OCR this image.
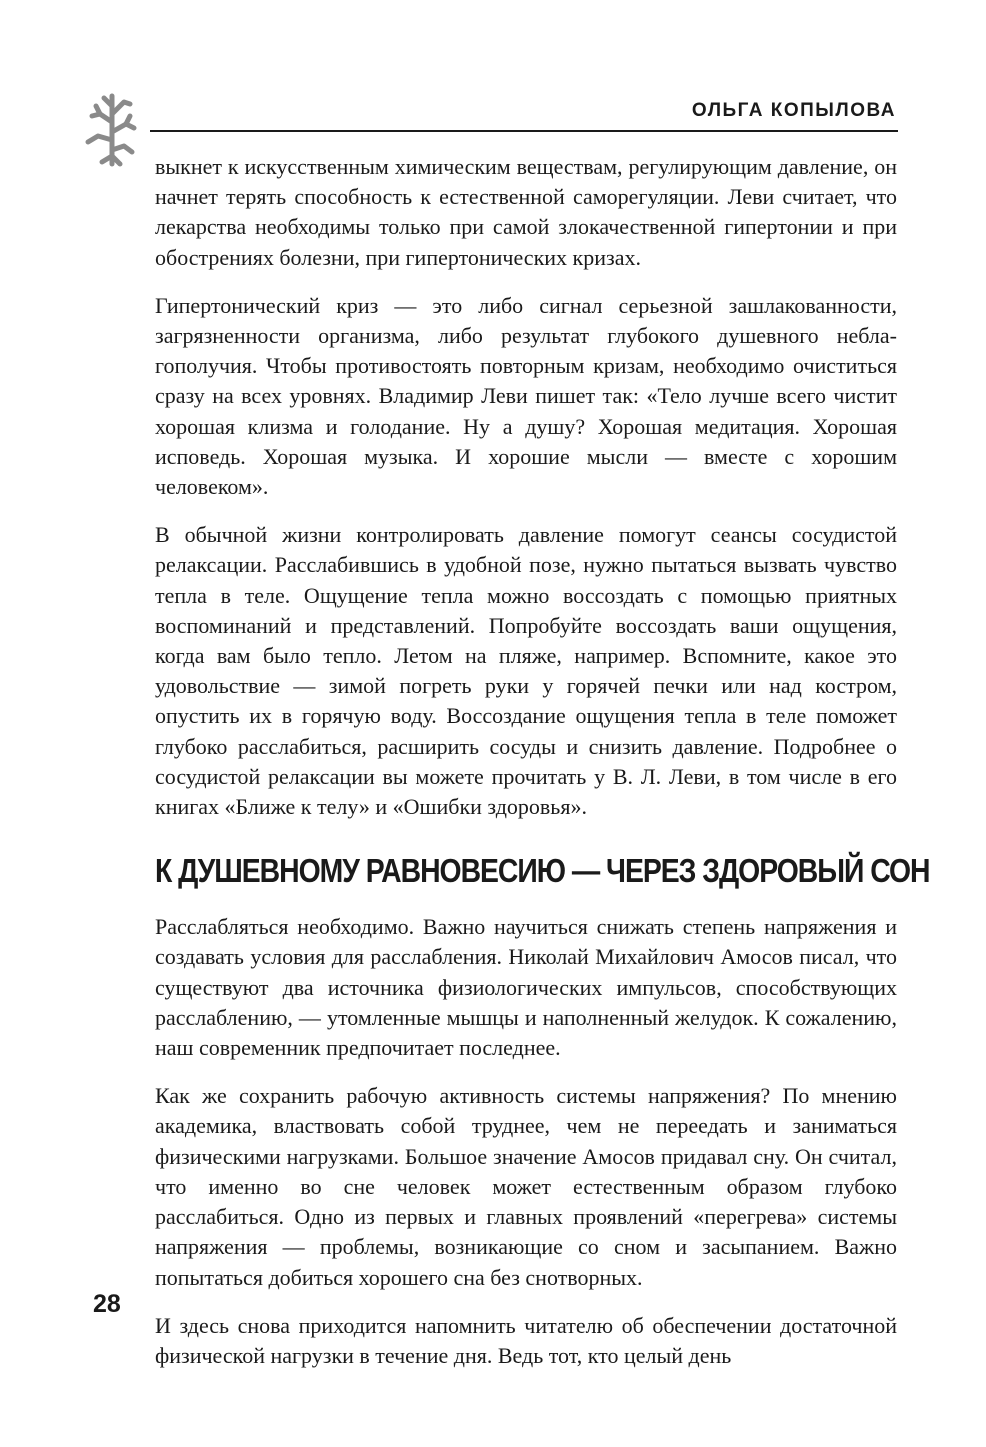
ОЛЬГА КОПЫЛОВА

выкнет к искусственным химическим веществам, регулирующим давление, он начнет терять способность к естественной саморегуляции. Леви считает, что лекарства необходимы только при самой злокачественной гипертонии и при обострениях болезни, при гипертонических кризах.

Гипертонический криз — это либо сигнал серьезной зашлакованности, загрязненности организма, либо результат глубокого душевного неблагополучия. Чтобы противостоять повторным кризам, необходимо очиститься сразу на всех уровнях. Владимир Леви пишет так: «Тело лучше всего чистит хорошая клизма и голодание. Ну а душу? Хорошая медитация. Хорошая исповедь. Хорошая музыка. И хорошие мысли — вместе с хорошим человеком».

В обычной жизни контролировать давление помогут сеансы сосудистой релаксации. Расслабившись в удобной позе, нужно пытаться вызвать чувство тепла в теле. Ощущение тепла можно воссоздать с помощью приятных воспоминаний и представлений. Попробуйте воссоздать ваши ощущения, когда вам было тепло. Летом на пляже, например. Вспомните, какое это удовольствие — зимой погреть руки у горячей печки или над костром, опустить их в горячую воду. Воссоздание ощущения тепла в теле поможет глубоко расслабиться, расширить сосуды и снизить давление. Подробнее о сосудистой релаксации вы можете прочитать у В. Л. Леви, в том числе в его книгах «Ближе к телу» и «Ошибки здоровья».

К ДУШЕВНОМУ РАВНОВЕСИЮ — ЧЕРЕЗ ЗДОРОВЫЙ СОН

Расслабляться необходимо. Важно научиться снижать степень напряжения и создавать условия для расслабления. Николай Михайлович Амосов писал, что существуют два источника физиологических импульсов, способствующих расслаблению, — утомленные мышцы и наполненный желудок. К сожалению, наш современник предпочитает последнее.

Как же сохранить рабочую активность системы напряжения? По мнению академика, властвовать собой труднее, чем не переедать и заниматься физическими нагрузками. Большое значение Амосов придавал сну. Он считал, что именно во сне человек может естественным образом глубоко расслабиться. Одно из первых и главных проявлений «перегрева» системы напряжения — проблемы, возникающие со сном и засыпанием. Важно попытаться добиться хорошего сна без снотворных.

И здесь снова приходится напомнить читателю об обеспечении достаточной физической нагрузки в течение дня. Ведь тот, кто целый день

28
